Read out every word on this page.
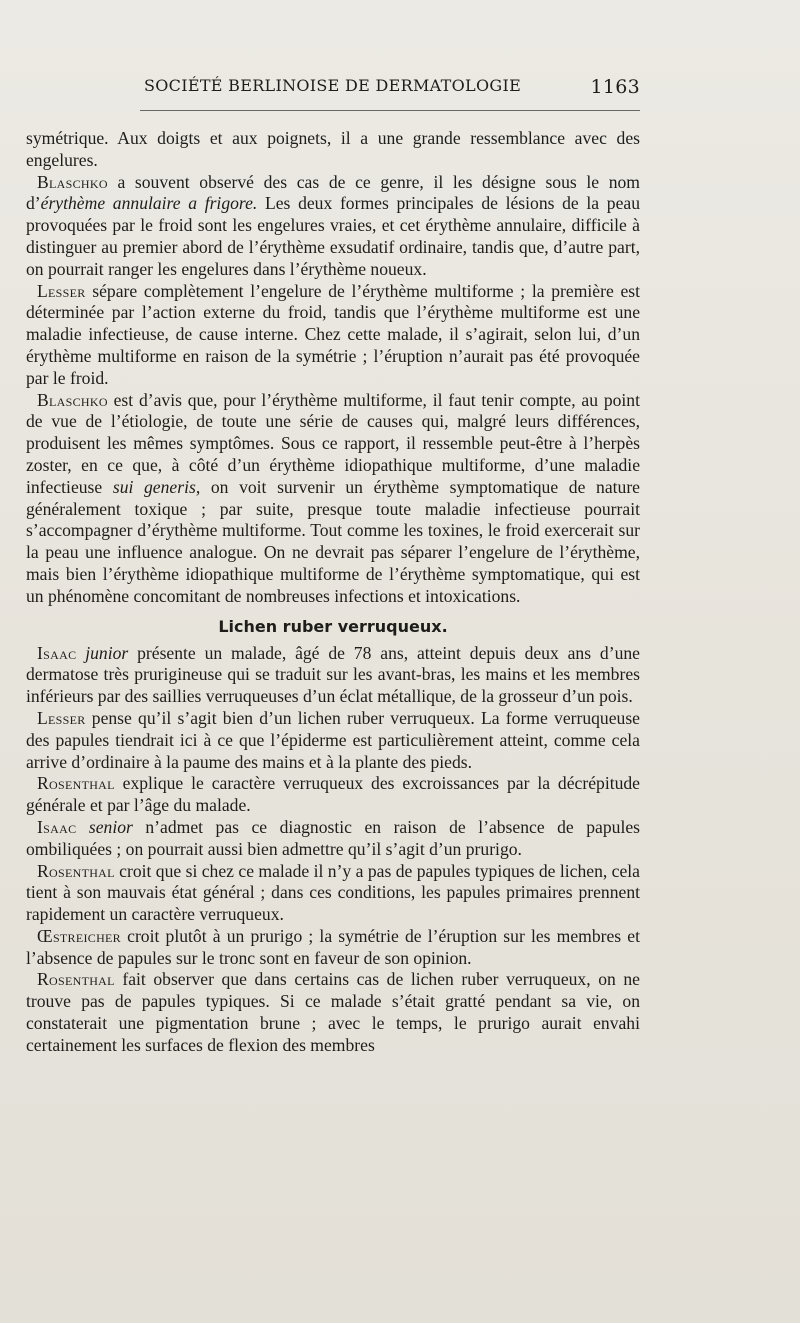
SOCIÉTÉ BERLINOISE DE DERMATOLOGIE	1163

symétrique. Aux doigts et aux poignets, il a une grande ressemblance avec des engelures.

Blaschko a souvent observé des cas de ce genre, il les désigne sous le nom d’érythème annulaire a frigore. Les deux formes principales de lésions de la peau provoquées par le froid sont les engelures vraies, et cet érythème annulaire, difficile à distinguer au premier abord de l’érythème exsudatif ordinaire, tandis que, d’autre part, on pourrait ranger les engelures dans l’érythème noueux.

Lesser sépare complètement l’engelure de l’érythème multiforme ; la première est déterminée par l’action externe du froid, tandis que l’érythème multiforme est une maladie infectieuse, de cause interne. Chez cette malade, il s’agirait, selon lui, d’un érythème multiforme en raison de la symétrie ; l’éruption n’aurait pas été provoquée par le froid.

Blaschko est d’avis que, pour l’érythème multiforme, il faut tenir compte, au point de vue de l’étiologie, de toute une série de causes qui, malgré leurs différences, produisent les mêmes symptômes. Sous ce rapport, il ressemble peut-être à l’herpès zoster, en ce que, à côté d’un érythème idiopathique multiforme, d’une maladie infectieuse sui generis, on voit survenir un érythème symptomatique de nature généralement toxique ; par suite, presque toute maladie infectieuse pourrait s’accompagner d’érythème multiforme. Tout comme les toxines, le froid exercerait sur la peau une influence analogue. On ne devrait pas séparer l’engelure de l’érythème, mais bien l’érythème idiopathique multiforme de l’érythème symptomatique, qui est un phénomène concomitant de nombreuses infections et intoxications.

Lichen ruber verruqueux.

Isaac junior présente un malade, âgé de 78 ans, atteint depuis deux ans d’une dermatose très prurigineuse qui se traduit sur les avant-bras, les mains et les membres inférieurs par des saillies verruqueuses d’un éclat métallique, de la grosseur d’un pois.

Lesser pense qu’il s’agit bien d’un lichen ruber verruqueux. La forme verruqueuse des papules tiendrait ici à ce que l’épiderme est particulièrement atteint, comme cela arrive d’ordinaire à la paume des mains et à la plante des pieds.

Rosenthal explique le caractère verruqueux des excroissances par la décrépitude générale et par l’âge du malade.

Isaac senior n’admet pas ce diagnostic en raison de l’absence de papules ombiliquées ; on pourrait aussi bien admettre qu’il s’agit d’un prurigo.

Rosenthal croit que si chez ce malade il n’y a pas de papules typiques de lichen, cela tient à son mauvais état général ; dans ces conditions, les papules primaires prennent rapidement un caractère verruqueux.

Œstreicher croit plutôt à un prurigo ; la symétrie de l’éruption sur les membres et l’absence de papules sur le tronc sont en faveur de son opinion.

Rosenthal fait observer que dans certains cas de lichen ruber verruqueux, on ne trouve pas de papules typiques. Si ce malade s’était gratté pendant sa vie, on constaterait une pigmentation brune ; avec le temps, le prurigo aurait envahi certainement les surfaces de flexion des membres
